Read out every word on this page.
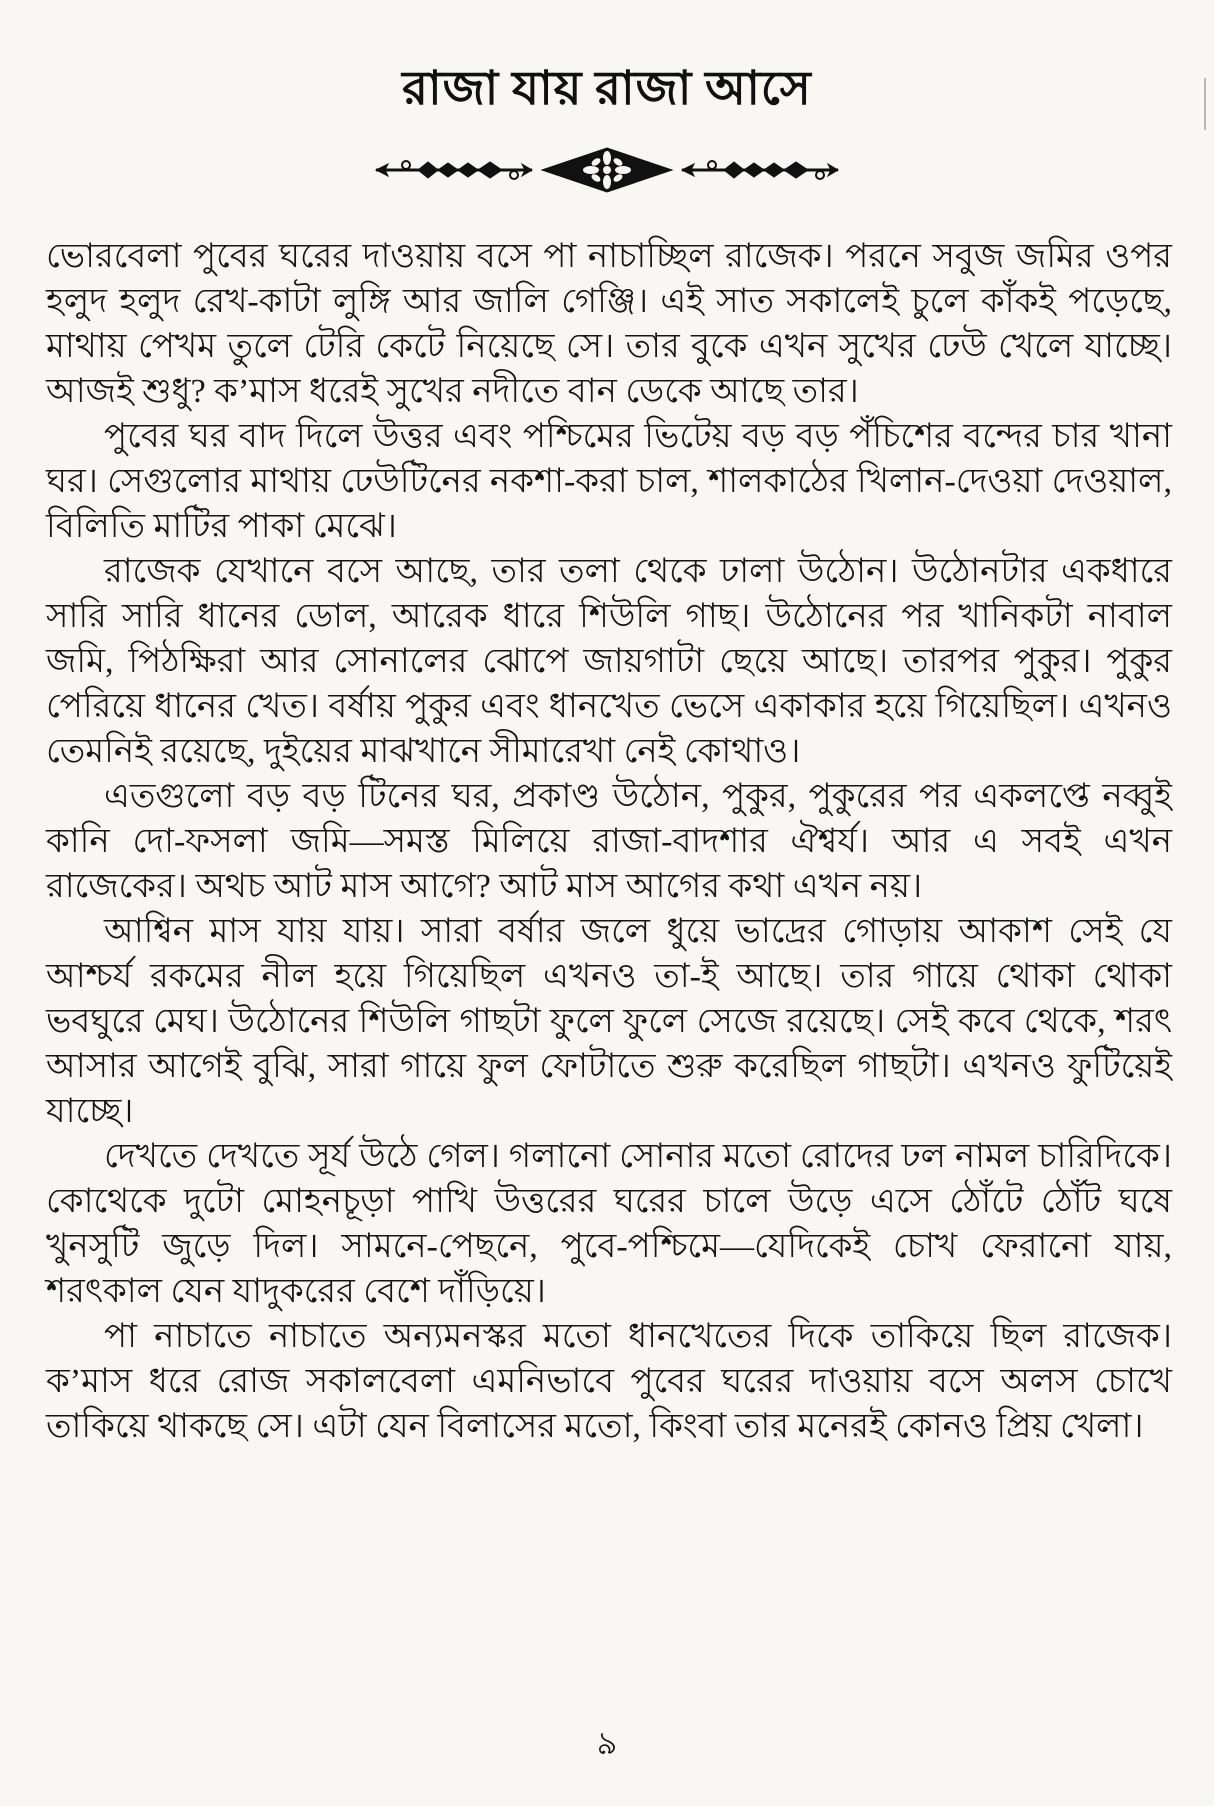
রাজা যায় রাজা আসে

ভোরবেলা পুবের ঘরের দাওয়ায় বসে পা নাচাচ্ছিল রাজেক। পরনে সবুজ জমির ওপর হলুদ হলুদ রেখ-কাটা লুঙ্গি আর জালি গেঞ্জি। এই সাত সকালেই চুলে কাঁকই পড়েছে, মাথায় পেখম তুলে টেরি কেটে নিয়েছে সে। তার বুকে এখন সুখের ঢেউ খেলে যাচ্ছে। আজই শুধু? ক’মাস ধরেই সুখের নদীতে বান ডেকে আছে তার।

পুবের ঘর বাদ দিলে উত্তর এবং পশ্চিমের ভিটেয় বড় বড় পঁচিশের বন্দের চার খানা ঘর। সেগুলোর মাথায় ঢেউটিনের নকশা-করা চাল, শালকাঠের খিলান-দেওয়া দেওয়াল, বিলিতি মাটির পাকা মেঝে।

রাজেক যেখানে বসে আছে, তার তলা থেকে ঢালা উঠোন। উঠোনটার একধারে সারি সারি ধানের ডোল, আরেক ধারে শিউলি গাছ। উঠোনের পর খানিকটা নাবাল জমি, পিঠক্ষিরা আর সোনালের ঝোপে জায়গাটা ছেয়ে আছে। তারপর পুকুর। পুকুর পেরিয়ে ধানের খেত। বর্ষায় পুকুর এবং ধানখেত ভেসে একাকার হয়ে গিয়েছিল। এখনও তেমনিই রয়েছে, দুইয়ের মাঝখানে সীমারেখা নেই কোথাও।

এতগুলো বড় বড় টিনের ঘর, প্রকাণ্ড উঠোন, পুকুর, পুকুরের পর একলপ্তে নব্বুই কানি দো-ফসলা জমি—সমস্ত মিলিয়ে রাজা-বাদশার ঐশ্বর্য। আর এ সবই এখন রাজেকের। অথচ আট মাস আগে? আট মাস আগের কথা এখন নয়।

আশ্বিন মাস যায় যায়। সারা বর্ষার জলে ধুয়ে ভাদ্রের গোড়ায় আকাশ সেই যে আশ্চর্য রকমের নীল হয়ে গিয়েছিল এখনও তা-ই আছে। তার গায়ে থোকা থোকা ভবঘুরে মেঘ। উঠোনের শিউলি গাছটা ফুলে ফুলে সেজে রয়েছে। সেই কবে থেকে, শরৎ আসার আগেই বুঝি, সারা গায়ে ফুল ফোটাতে শুরু করেছিল গাছটা। এখনও ফুটিয়েই যাচ্ছে।

দেখতে দেখতে সূর্য উঠে গেল। গলানো সোনার মতো রোদের ঢল নামল চারিদিকে। কোথেকে দুটো মোহনচূড়া পাখি উত্তরের ঘরের চালে উড়ে এসে ঠোঁটে ঠোঁট ঘষে খুনসুটি জুড়ে দিল। সামনে-পেছনে, পুবে-পশ্চিমে—যেদিকেই চোখ ফেরানো যায়, শরৎকাল যেন যাদুকরের বেশে দাঁড়িয়ে।

পা নাচাতে নাচাতে অন্যমনস্কর মতো ধানখেতের দিকে তাকিয়ে ছিল রাজেক। ক’মাস ধরে রোজ সকালবেলা এমনিভাবে পুবের ঘরের দাওয়ায় বসে অলস চোখে তাকিয়ে থাকছে সে। এটা যেন বিলাসের মতো, কিংবা তার মনেরই কোনও প্রিয় খেলা।

৯
